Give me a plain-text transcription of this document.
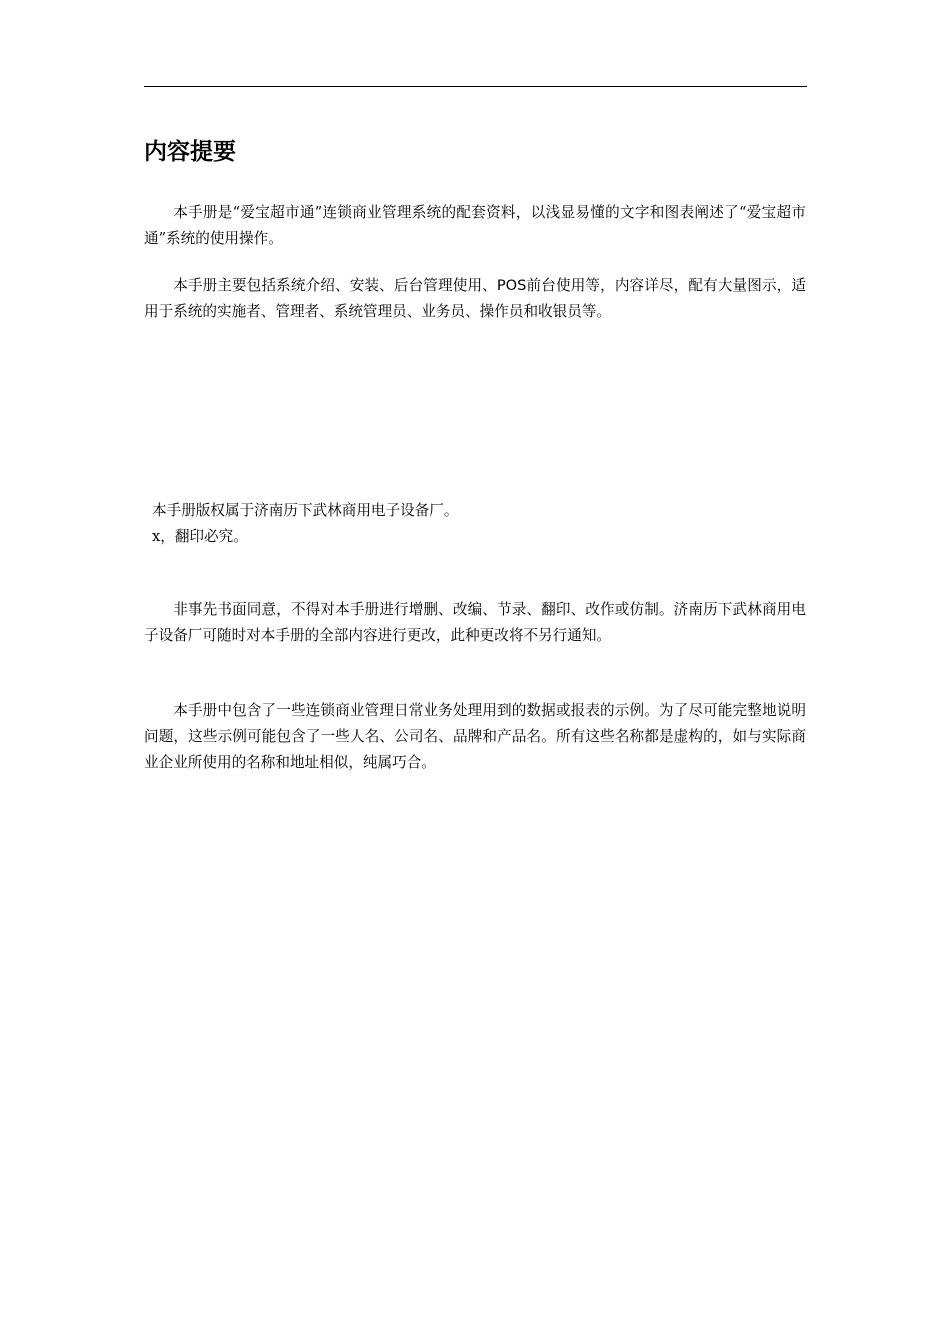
内容提要

本手册是“爱宝超市通”连锁商业管理系统的配套资料，以浅显易懂的文字和图表阐述了“爱宝超市通”系统的使用操作。

本手册主要包括系统介绍、安装、后台管理使用、POS前台使用等，内容详尽，配有大量图示，适用于系统的实施者、管理者、系统管理员、业务员、操作员和收银员等。

本手册版权属于济南历下武林商用电子设备厂。
x，翻印必究。

非事先书面同意，不得对本手册进行增删、改编、节录、翻印、改作或仿制。济南历下武林商用电子设备厂可随时对本手册的全部内容进行更改，此种更改将不另行通知。

本手册中包含了一些连锁商业管理日常业务处理用到的数据或报表的示例。为了尽可能完整地说明问题，这些示例可能包含了一些人名、公司名、品牌和产品名。所有这些名称都是虚构的，如与实际商业企业所使用的名称和地址相似，纯属巧合。
